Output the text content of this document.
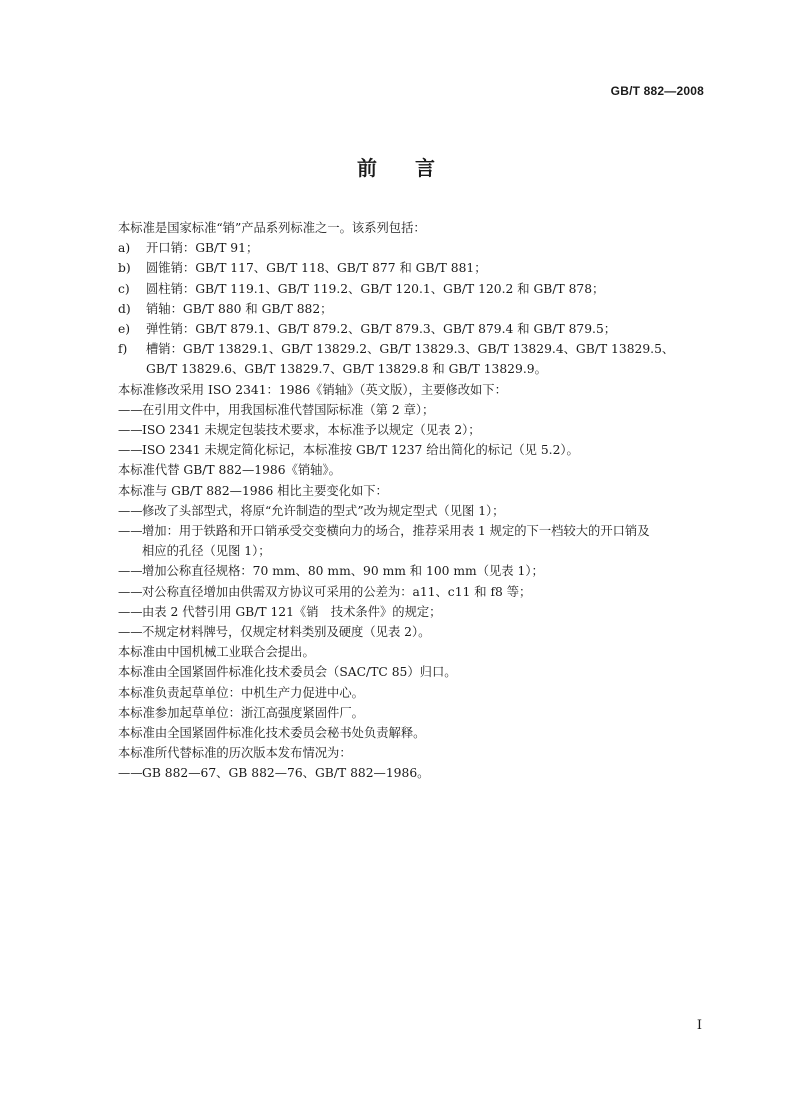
GB/T 882—2008
前 言
本标准是国家标准“销”产品系列标准之一。该系列包括：
a)	开口销：GB/T 91；
b)	圆锥销：GB/T 117、GB/T 118、GB/T 877 和 GB/T 881；
c)	圆柱销：GB/T 119.1、GB/T 119.2、GB/T 120.1、GB/T 120.2 和 GB/T 878；
d)	销轴：GB/T 880 和 GB/T 882；
e)	弹性销：GB/T 879.1、GB/T 879.2、GB/T 879.3、GB/T 879.4 和 GB/T 879.5；
f)	槽销：GB/T 13829.1、GB/T 13829.2、GB/T 13829.3、GB/T 13829.4、GB/T 13829.5、
GB/T 13829.6、GB/T 13829.7、GB/T 13829.8 和 GB/T 13829.9。
本标准修改采用 ISO 2341：1986《销轴》（英文版），主要修改如下：
——在引用文件中，用我国标准代替国际标准（第 2 章）；
——ISO 2341 未规定包装技术要求，本标准予以规定（见表 2）；
——ISO 2341 未规定简化标记，本标准按 GB/T 1237 给出简化的标记（见 5.2）。
本标准代替 GB/T 882—1986《销轴》。
本标准与 GB/T 882—1986 相比主要变化如下：
——修改了头部型式，将原“允许制造的型式”改为规定型式（见图 1）；
——增加：用于铁路和开口销承受交变横向力的场合，推荐采用表 1 规定的下一档较大的开口销及
相应的孔径（见图 1）；
——增加公称直径规格：70 mm、80 mm、90 mm 和 100 mm（见表 1）；
——对公称直径增加由供需双方协议可采用的公差为：a11、c11 和 f8 等；
——由表 2 代替引用 GB/T 121《销　技术条件》的规定；
——不规定材料牌号，仅规定材料类别及硬度（见表 2）。
本标准由中国机械工业联合会提出。
本标准由全国紧固件标准化技术委员会（SAC/TC 85）归口。
本标准负责起草单位：中机生产力促进中心。
本标准参加起草单位：浙江高强度紧固件厂。
本标准由全国紧固件标准化技术委员会秘书处负责解释。
本标准所代替标准的历次版本发布情况为：
——GB 882—67、GB 882—76、GB/T 882—1986。
I
